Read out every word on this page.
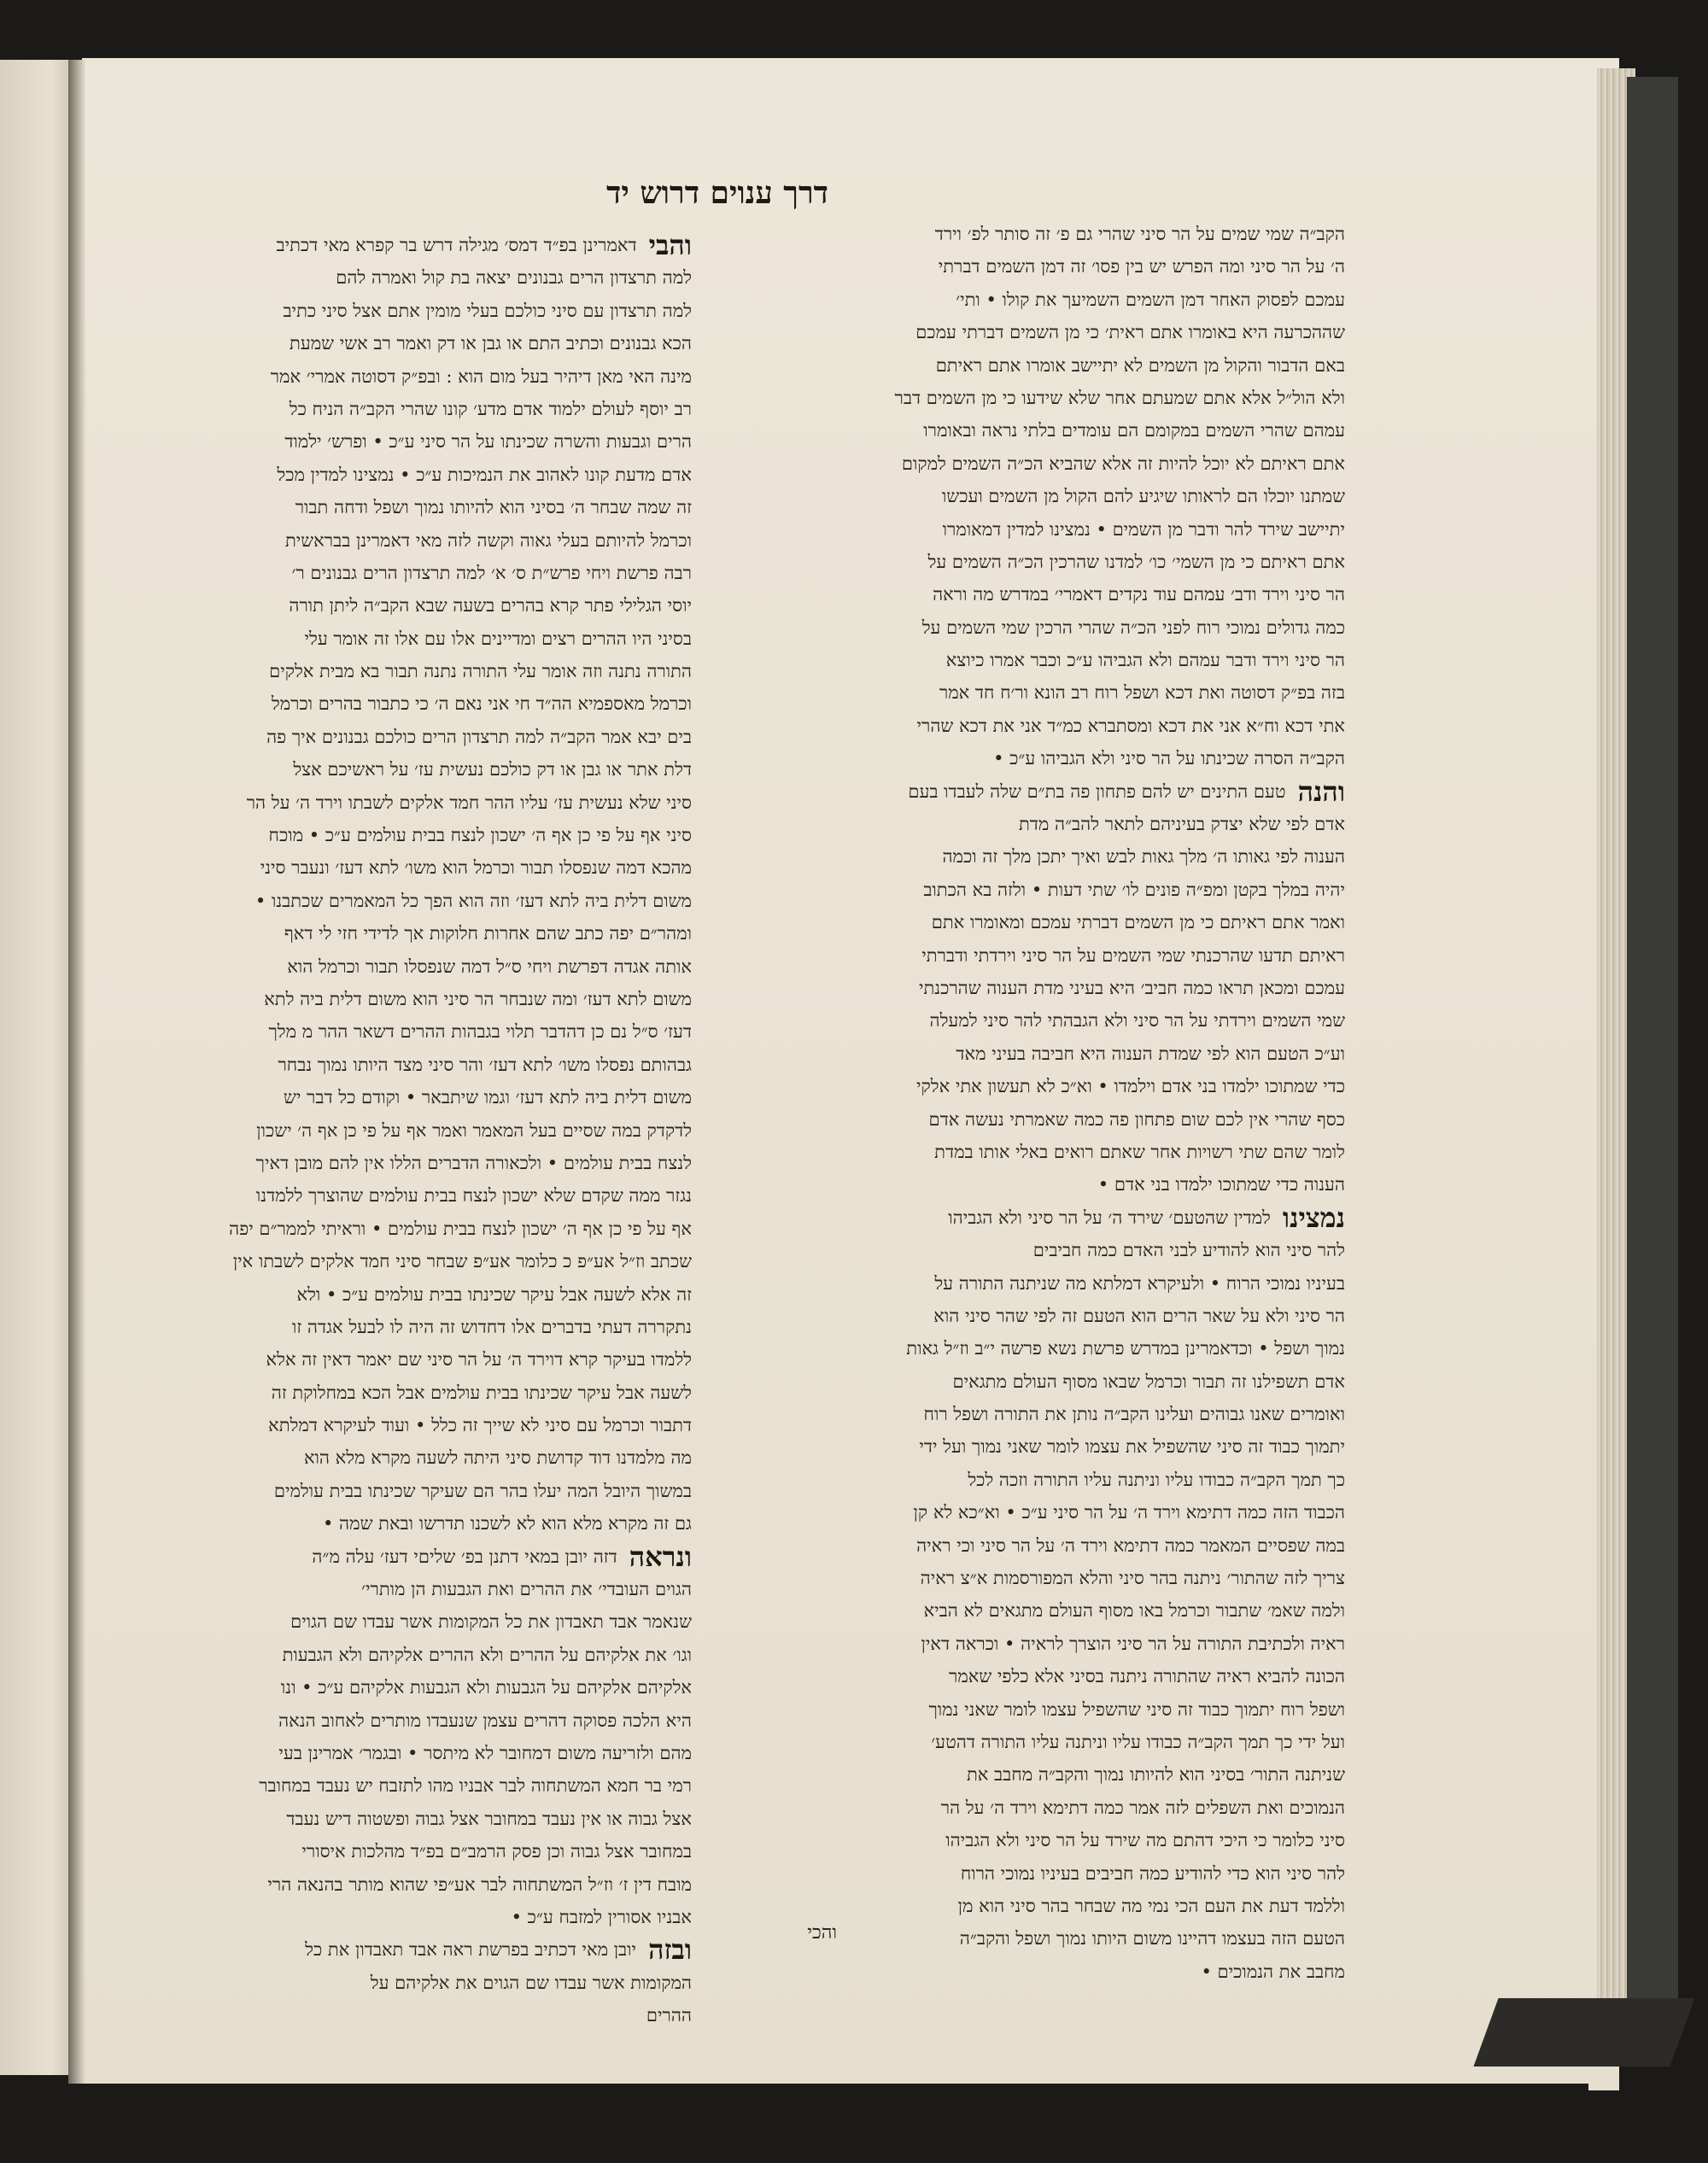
דרך ענוים דרוש יד
הקב״ה שמי שמים על הר סיני שהרי גם פ׳ זה סותר לפ׳ וירד
ה׳ על הר סיני ומה הפרש יש בין פסו׳ זה דמן השמים דברתי
עמכם לפסוק האחר דמן השמים השמיעך את קולו • ותי׳
שההכרעה היא באומרו אתם ראית׳ כי מן השמים דברתי עמכם
באם הדבור והקול מן השמים לא יתיישב אומרו אתם ראיתם
ולא הול״ל אלא אתם שמעתם אחר שלא שידעו כי מן השמים דבר
עמהם שהרי השמים במקומם הם עומדים בלתי נראה ובאומרו
אתם ראיתם לא יוכל להיות זה אלא שהביא הכ״ה השמים למקום
שמתנו יוכלו הם לראותו שיגיע להם הקול מן השמים ועכשו
יתיישב שירד להר ודבר מן השמים • נמצינו למדין דמאומרו
אתם ראיתם כי מן השמי׳ כו׳ למדנו שהרכין הכ״ה השמים על
הר סיני וירד ודב׳ עמהם עוד נקדים דאמרי׳ במדרש מה וראה
כמה גדולים נמוכי רוח לפני הכ״ה שהרי הרכין שמי השמים על
הר סיני וירד ודבר עמהם ולא הגביהו ע״כ וכבר אמרו כיוצא
בזה בפ״ק דסוטה ואת דכא ושפל רוח רב הונא ור׳ח חד אמר
אתי דכא וח״א אני את דכא ומסתברא כמ״ד אני את דכא שהרי
הקב״ה הסרה שכינתו על הר סיני ולא הגביהו ע״כ •
והנה
טעם התינים יש להם פתחון פה בת״ם שלה לעבדו בעם
אדם לפי שלא יצדק בעיניהם לתאר להב״ה מדת
הענוה לפי גאותו ה׳ מלך גאות לבש ואיך יתכן מלך זה וכמה
יהיה במלך בקטן ומפ״ה פונים לו׳ שתי דעות • ולזה בא הכתוב
ואמר אתם ראיתם כי מן השמים דברתי עמכם ומאומרו אתם
ראיתם תדעו שהרכנתי שמי השמים על הר סיני וירדתי ודברתי
עמכם ומכאן תראו כמה חביב׳ היא בעיני מדת הענוה שהרכנתי
שמי השמים וירדתי על הר סיני ולא הגבהתי להר סיני למעלה
וע״כ הטעם הוא לפי שמדת הענוה היא חביבה בעיני מאד
כדי שמתוכו ילמדו בני אדם וילמדו • וא״כ לא תעשון אתי אלקי
כסף שהרי אין לכם שום פתחון פה כמה שאמרתי נעשה אדם
לומר שהם שתי רשויות אחר שאתם רואים באלי אותו במדת
הענוה כדי שמתוכו ילמדו בני אדם •
נמצינו
למדין שהטעם׳ שירד ה׳ על הר סיני ולא הגביהו
להר סיני הוא להודיע לבני האדם כמה חביבים
בעיניו נמוכי הרוח • ולעיקרא דמלתא מה שניתנה התורה על
הר סיני ולא על שאר הרים הוא הטעם זה לפי שהר סיני הוא
נמוך ושפל • וכדאמרינן במדרש פרשת נשא פרשה י״ב וז״ל גאות
אדם תשפילנו זה תבור וכרמל שבאו מסוף העולם מתגאים
ואומרים שאנו גבוהים ועלינו הקב״ה נותן את התורה ושפל רוח
יתמוך כבוד זה סיני שהשפיל את עצמו לומר שאני נמוך ועל ידי
כך תמך הקב״ה כבודו עליו וניתנה עליו התורה וזכה לכל
הכבוד הזה כמה דתימא וירד ה׳ על הר סיני ע״כ • וא״כא לא קן
במה שפסיים המאמר כמה דתימא וירד ה׳ על הר סיני וכי ראיה
צריך לזה שהתור׳ ניתנה בהר סיני והלא המפורסמות א״צ ראיה
ולמה שאמ׳ שתבור וכרמל באו מסוף העולם מתגאים לא הביא
ראיה ולכתיבת התורה על הר סיני הוצרך לראיה • וכראה דאין
הכונה להביא ראיה שהתורה ניתנה בסיני אלא כלפי שאמר
ושפל רוח יתמוך כבוד זה סיני שהשפיל עצמו לומר שאני נמוך
ועל ידי כך תמך הקב״ה כבודו עליו וניתנה עליו התורה דהטע׳
שניתנה התור׳ בסיני הוא להיותו נמוך והקב״ה מחבב את
הנמוכים ואת השפלים לזה אמר כמה דתימא וירד ה׳ על הר
סיני כלומר כי היכי דהתם מה שירד על הר סיני ולא הגביהו
להר סיני הוא כדי להודיע כמה חביבים בעיניו נמוכי הרוח
וללמד דעת את העם הכי נמי מה שבחר בהר סיני הוא מן
הטעם הזה בעצמו דהיינו משום היותו נמוך ושפל והקב״ה
מחבב את הנמוכים •
והבי
דאמרינן בפ״ד דמס׳ מגילה דרש בר קפרא מאי דכתיב
למה תרצדון הרים גבנונים יצאה בת קול ואמרה להם
למה תרצדון עם סיני כולכם בעלי מומין אתם אצל סיני כתיב
הכא גבנונים וכתיב התם או גבן או דק ואמר רב אשי שמעת
מינה האי מאן דיהיר בעל מום הוא : ובפ״ק דסוטה אמרי׳ אמר
רב יוסף לעולם ילמוד אדם מדע׳ קונו שהרי הקב״ה הניח כל
הרים וגבעות והשרה שכינתו על הר סיני ע״כ • ופרש׳ ילמוד
אדם מדעת קונו לאהוב את הנמיכות ע״כ • נמצינו למדין מכל
זה שמה שבחר ה׳ בסיני הוא להיותו נמוך ושפל ודחה תבור
וכרמל להיותם בעלי גאוה וקשה לזה מאי דאמרינן בבראשית
רבה פרשת ויחי פרש״ת ס׳ א׳ למה תרצדון הרים גבנונים ר׳
יוסי הגלילי פתר קרא בהרים בשעה שבא הקב״ה ליתן תורה
בסיני היו ההרים רצים ומדיינים אלו עם אלו זה אומר עלי
התורה נתנה וזה אומר עלי התורה נתנה תבור בא מבית אלקים
וכרמל מאספמיא הה״ד חי אני נאם ה׳ כי כתבור בהרים וכרמל
בים יבא אמר הקב״ה למה תרצדון הרים כולכם גבנונים איך פה
דלת אתר או גבן או דק כולכם נעשית עז׳ על ראשיכם אצל
סיני שלא נעשית עז׳ עליו ההר חמד אלקים לשבתו וירד ה׳ על הר
סיני אף על פי כן אף ה׳ ישכון לנצח בבית עולמים ע״כ • מוכח
מהכא דמה שנפסלו תבור וכרמל הוא משו׳ לתא דעז׳ ונעבר סיני
משום דלית ביה לתא דעז׳ וזה הוא הפך כל המאמרים שכתבנו •
ומהר״ם יפה כתב שהם אחרות חלוקות אך לדידי חזי לי דאף
אותה אגדה דפרשת ויחי ס״ל דמה שנפסלו תבור וכרמל הוא
משום לתא דעז׳ ומה שנבחר הר סיני הוא משום דלית ביה לתא
דעז׳ ס״ל נם כן דהדבר תלוי בגבהות ההרים דשאר ההר מ מלך
גבהותם נפסלו משו׳ לתא דעז׳ והר סיני מצד היותו נמוך נבחר
משום דלית ביה לתא דעז׳ וגמו שיתבאר • וקודם כל דבר יש
לדקדק במה שסיים בעל המאמר ואמר אף על פי כן אף ה׳ ישכון
לנצח בבית עולמים • ולכאורה הדברים הללו אין להם מובן דאיך
נגזר ממה שקדם שלא ישכון לנצח בבית עולמים שהוצרך ללמדנו
אף על פי כן אף ה׳ ישכון לנצח בבית עולמים • וראיתי לממר״ם יפה
שכתב וז״ל אע״פ כ כלומר אע״פ שבחר סיני חמד אלקים לשבתו אין
זה אלא לשעה אבל עיקר שכינתו בבית עולמים ע״כ • ולא
נתקררה דעתי בדברים אלו דחדוש זה היה לו לבעל אגדה זו
ללמדו בעיקר קרא דוירד ה׳ על הר סיני שם יאמר דאין זה אלא
לשעה אבל עיקר שכינתו בבית עולמים אבל הכא במחלוקת זה
דתבור וכרמל עם סיני לא שייך זה כלל • ועוד לעיקרא דמלתא
מה מלמדנו דוד קדושת סיני היתה לשעה מקרא מלא הוא
במשוך היובל המה יעלו בהר הם שעיקר שכינתו בבית עולמים
גם זה מקרא מלא הוא לא לשכנו תדרשו ובאת שמה •
ונראה
דזה יובן במאי דתנן בפ׳ שליםי דעז׳ עלה מ״ה
הגוים העובדי׳ את ההרים ואת הגבעות הן מותרי׳
שנאמר אבד תאבדון את כל המקומות אשר עבדו שם הגוים
וגו׳ את אלקיהם על ההרים ולא ההרים אלקיהם ולא הגבעות
אלקיהם אלקיהם על הגבעות ולא הגבעות אלקיהם ע״כ • ונו
היא הלכה פסוקה דהרים עצמן שנעבדו מותרים לאחוב הנאה
מהם ולזריעה משום דמחובר לא מיתסר • ובגמר׳ אמרינן בעי
רמי בר חמא המשתחוה לבר אבניו מהו לתזבח יש נעבד במחובר
אצל גבוה או אין נעבד במחובר אצל גבוה ופשטוה דיש נעבד
במחובר אצל גבוה וכן פסק הרמב״ם בפ״ד מהלכות איסורי
מובח דין ז׳ וז״ל המשתחוה לבר אע״פי שהוא מותר בהנאה הרי
אבניו אסורין למזבח ע״כ •
ובזה
יובן מאי דכתיב בפרשת ראה אבד תאבדון את כל
המקומות אשר עבדו שם הגוים את אלקיהם על
ההרים
והכי
